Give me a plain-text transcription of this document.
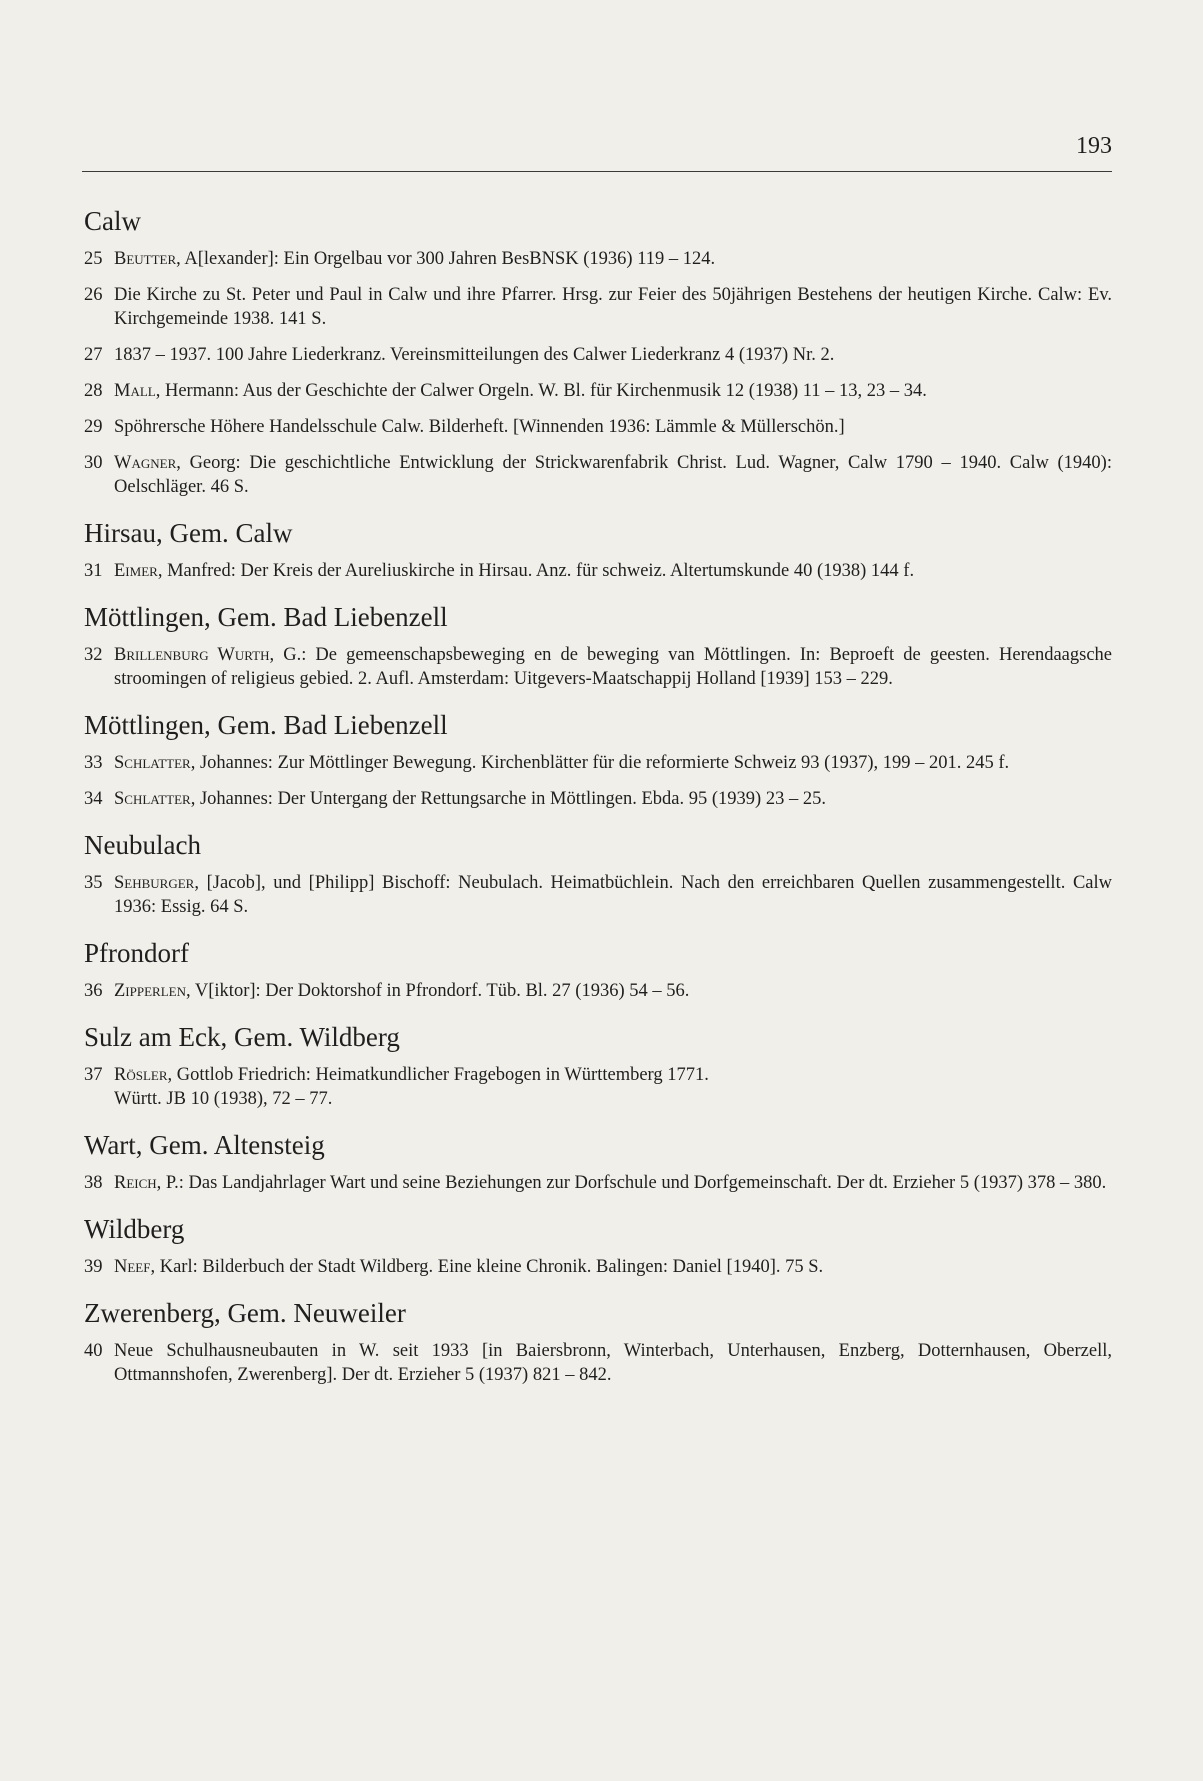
193
Calw
25 Beutter, A[lexander]: Ein Orgelbau vor 300 Jahren BesBNSK (1936) 119 – 124.
26 Die Kirche zu St. Peter und Paul in Calw und ihre Pfarrer. Hrsg. zur Feier des 50jährigen Bestehens der heutigen Kirche. Calw: Ev. Kirchgemeinde 1938. 141 S.
27 1837 – 1937. 100 Jahre Liederkranz. Vereinsmitteilungen des Calwer Liederkranz 4 (1937) Nr. 2.
28 Mall, Hermann: Aus der Geschichte der Calwer Orgeln. W. Bl. für Kirchenmusik 12 (1938) 11 – 13, 23 – 34.
29 Spöhrersche Höhere Handelsschule Calw. Bilderheft. [Winnenden 1936: Lämmle & Müllerschön.]
30 Wagner, Georg: Die geschichtliche Entwicklung der Strickwarenfabrik Christ. Lud. Wagner, Calw 1790 – 1940. Calw (1940): Oelschläger. 46 S.
Hirsau, Gem. Calw
31 Eimer, Manfred: Der Kreis der Aureliuskirche in Hirsau. Anz. für schweiz. Altertumskunde 40 (1938) 144 f.
Möttlingen, Gem. Bad Liebenzell
32 Brillenburg Wurth, G.: De gemeenschapsbeweging en de beweging van Möttlingen. In: Beproeft de geesten. Herendaagsche stroomingen of religieus gebied. 2. Aufl. Amsterdam: Uitgevers-Maatschappij Holland [1939] 153 – 229.
Möttlingen, Gem. Bad Liebenzell
33 Schlatter, Johannes: Zur Möttlinger Bewegung. Kirchenblätter für die reformierte Schweiz 93 (1937), 199 – 201. 245 f.
34 Schlatter, Johannes: Der Untergang der Rettungsarche in Möttlingen. Ebda. 95 (1939) 23 – 25.
Neubulach
35 Sehburger, [Jacob], und [Philipp] Bischoff: Neubulach. Heimatbüchlein. Nach den erreichbaren Quellen zusammengestellt. Calw 1936: Essig. 64 S.
Pfrondorf
36 Zipperlen, V[iktor]: Der Doktorshof in Pfrondorf. Tüb. Bl. 27 (1936) 54 – 56.
Sulz am Eck, Gem. Wildberg
37 Rösler, Gottlob Friedrich: Heimatkundlicher Fragebogen in Württemberg 1771.
Württ. JB 10 (1938), 72 – 77.
Wart, Gem. Altensteig
38 Reich, P.: Das Landjahrlager Wart und seine Beziehungen zur Dorfschule und Dorfgemeinschaft. Der dt. Erzieher 5 (1937) 378 – 380.
Wildberg
39 Neef, Karl: Bilderbuch der Stadt Wildberg. Eine kleine Chronik. Balingen: Daniel [1940]. 75 S.
Zwerenberg, Gem. Neuweiler
40 Neue Schulhausneubauten in W. seit 1933 [in Baiersbronn, Winterbach, Unterhausen, Enzberg, Dotternhausen, Oberzell, Ottmannshofen, Zwerenberg]. Der dt. Erzieher 5 (1937) 821 – 842.
